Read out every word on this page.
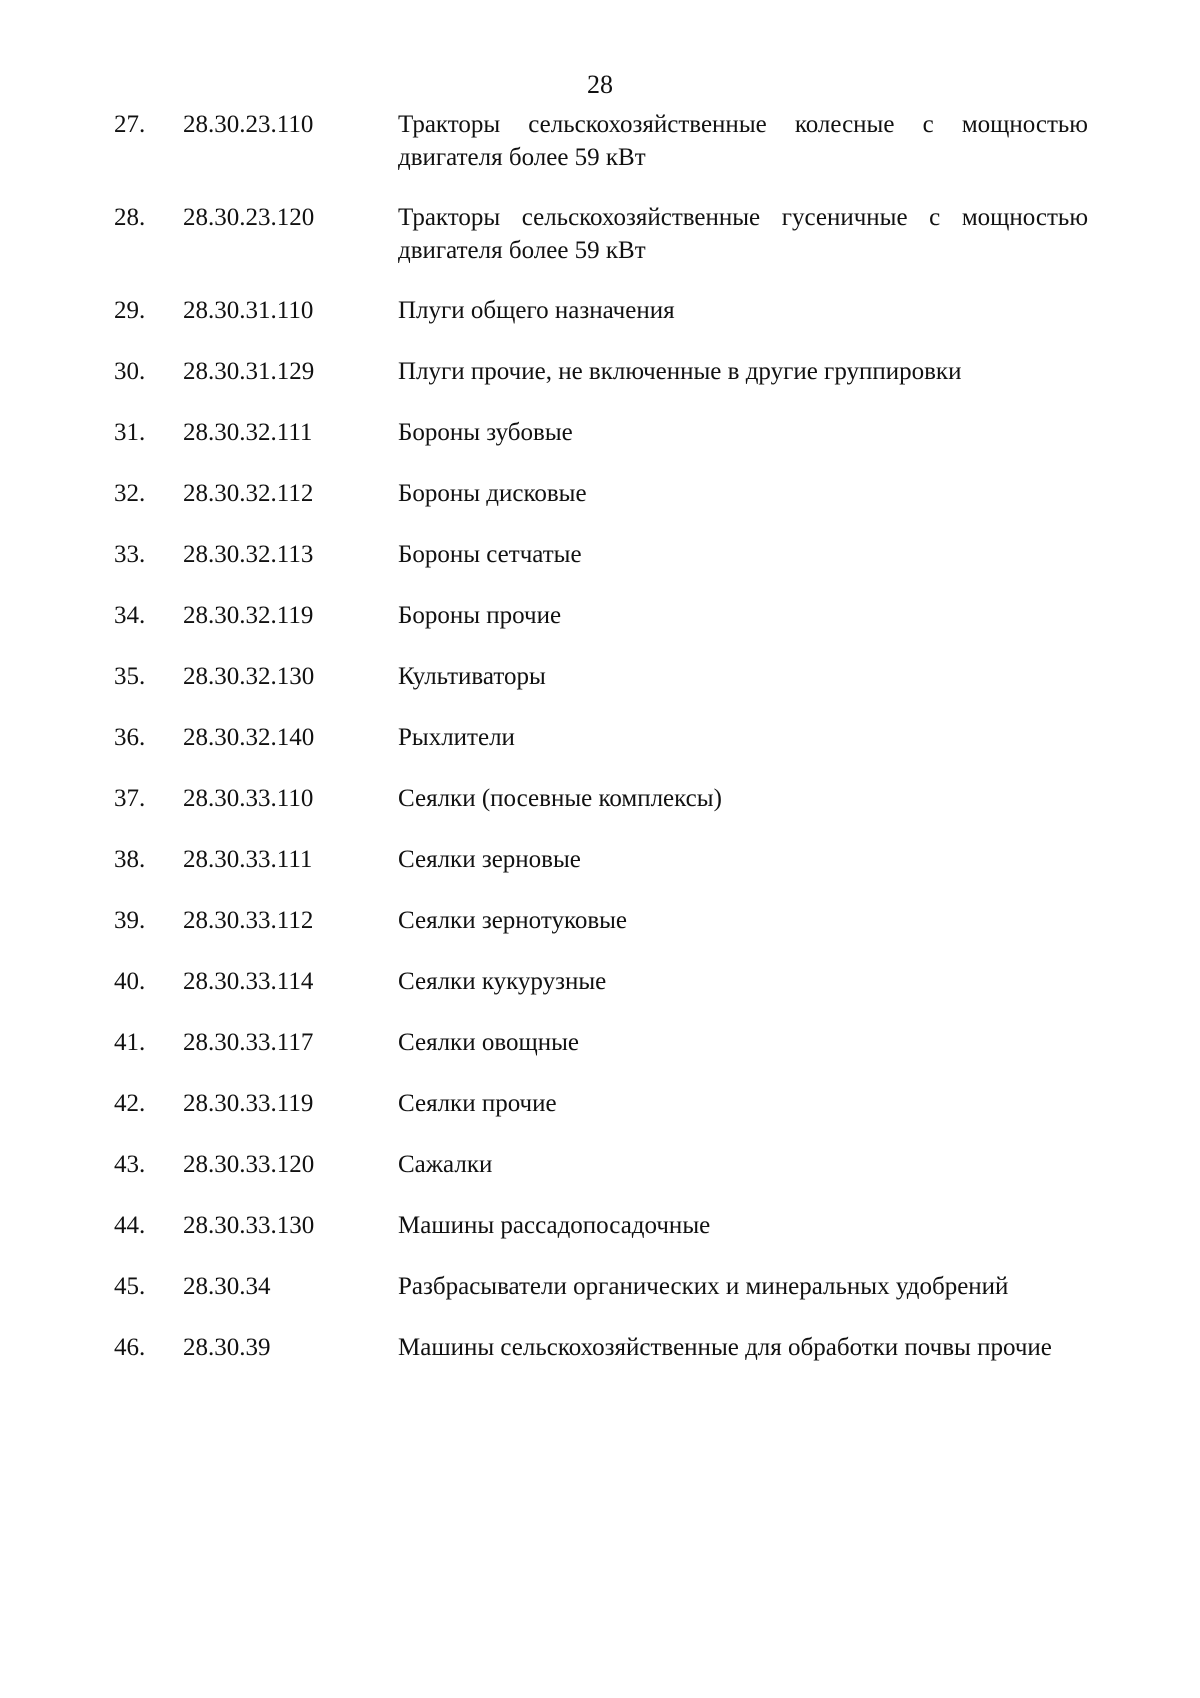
28
27.	28.30.23.110	Тракторы сельскохозяйственные колесные с мощностью двигателя более 59 кВт
28.	28.30.23.120	Тракторы сельскохозяйственные гусеничные с мощностью двигателя более 59 кВт
29.	28.30.31.110	Плуги общего назначения
30.	28.30.31.129	Плуги прочие, не включенные в другие группировки
31.	28.30.32.111	Бороны зубовые
32.	28.30.32.112	Бороны дисковые
33.	28.30.32.113	Бороны сетчатые
34.	28.30.32.119	Бороны прочие
35.	28.30.32.130	Культиваторы
36.	28.30.32.140	Рыхлители
37.	28.30.33.110	Сеялки (посевные комплексы)
38.	28.30.33.111	Сеялки зерновые
39.	28.30.33.112	Сеялки зернотуковые
40.	28.30.33.114	Сеялки кукурузные
41.	28.30.33.117	Сеялки овощные
42.	28.30.33.119	Сеялки прочие
43.	28.30.33.120	Сажалки
44.	28.30.33.130	Машины рассадопосадочные
45.	28.30.34	Разбрасыватели органических и минеральных удобрений
46.	28.30.39	Машины сельскохозяйственные для обработки почвы прочие
